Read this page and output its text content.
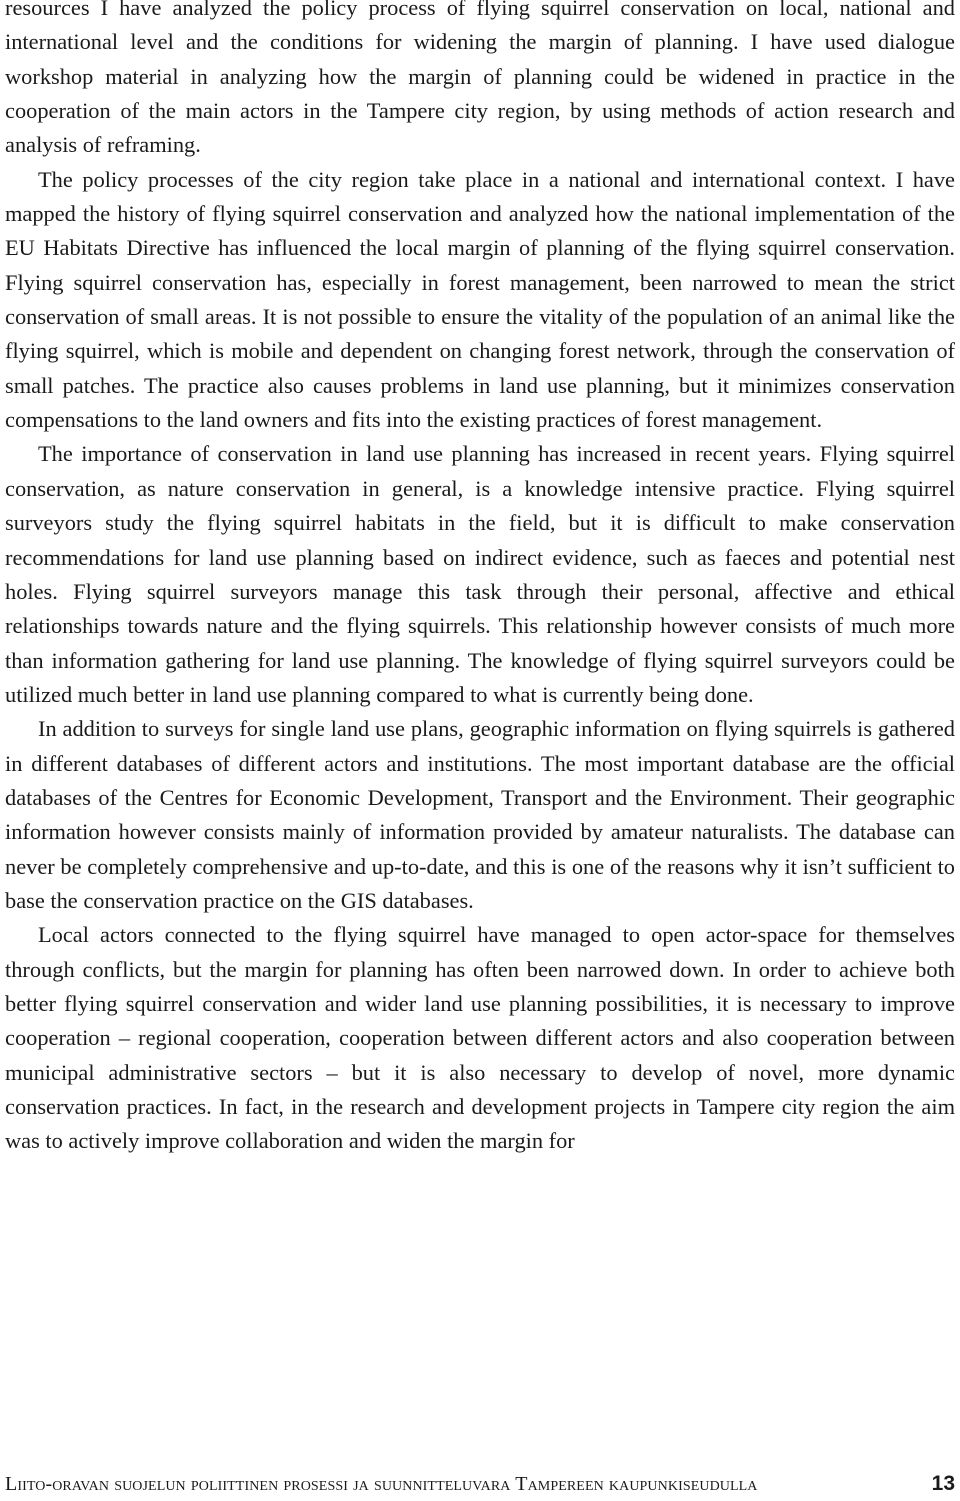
resources I have analyzed the policy process of flying squirrel conservation on local, national and international level and the conditions for widening the margin of planning. I have used dialogue workshop material in analyzing how the margin of planning could be widened in practice in the cooperation of the main actors in the Tampere city region, by using methods of action research and analysis of reframing.

The policy processes of the city region take place in a national and international context. I have mapped the history of flying squirrel conservation and analyzed how the national implementation of the EU Habitats Directive has influenced the local margin of planning of the flying squirrel conservation. Flying squirrel conservation has, especially in forest management, been narrowed to mean the strict conservation of small areas. It is not possible to ensure the vitality of the population of an animal like the flying squirrel, which is mobile and dependent on changing forest network, through the conservation of small patches. The practice also causes problems in land use planning, but it minimizes conservation compensations to the land owners and fits into the existing practices of forest management.

The importance of conservation in land use planning has increased in recent years. Flying squirrel conservation, as nature conservation in general, is a knowledge intensive practice. Flying squirrel surveyors study the flying squirrel habitats in the field, but it is difficult to make conservation recommendations for land use planning based on indirect evidence, such as faeces and potential nest holes. Flying squirrel surveyors manage this task through their personal, affective and ethical relationships towards nature and the flying squirrels. This relationship however consists of much more than information gathering for land use planning. The knowledge of flying squirrel surveyors could be utilized much better in land use planning compared to what is currently being done.

In addition to surveys for single land use plans, geographic information on flying squirrels is gathered in different databases of different actors and institutions. The most important database are the official databases of the Centres for Economic Development, Transport and the Environment. Their geographic information however consists mainly of information provided by amateur naturalists. The database can never be completely comprehensive and up-to-date, and this is one of the reasons why it isn’t sufficient to base the conservation practice on the GIS databases.

Local actors connected to the flying squirrel have managed to open actor-space for themselves through conflicts, but the margin for planning has often been narrowed down. In order to achieve both better flying squirrel conservation and wider land use planning possibilities, it is necessary to improve cooperation – regional cooperation, cooperation between different actors and also cooperation between municipal administrative sectors – but it is also necessary to develop of novel, more dynamic conservation practices. In fact, in the research and development projects in Tampere city region the aim was to actively improve collaboration and widen the margin for

Liito-oravan suojelun poliittinen prosessi ja suunnitteluvara Tampereen kaupunkiseudulla	13
